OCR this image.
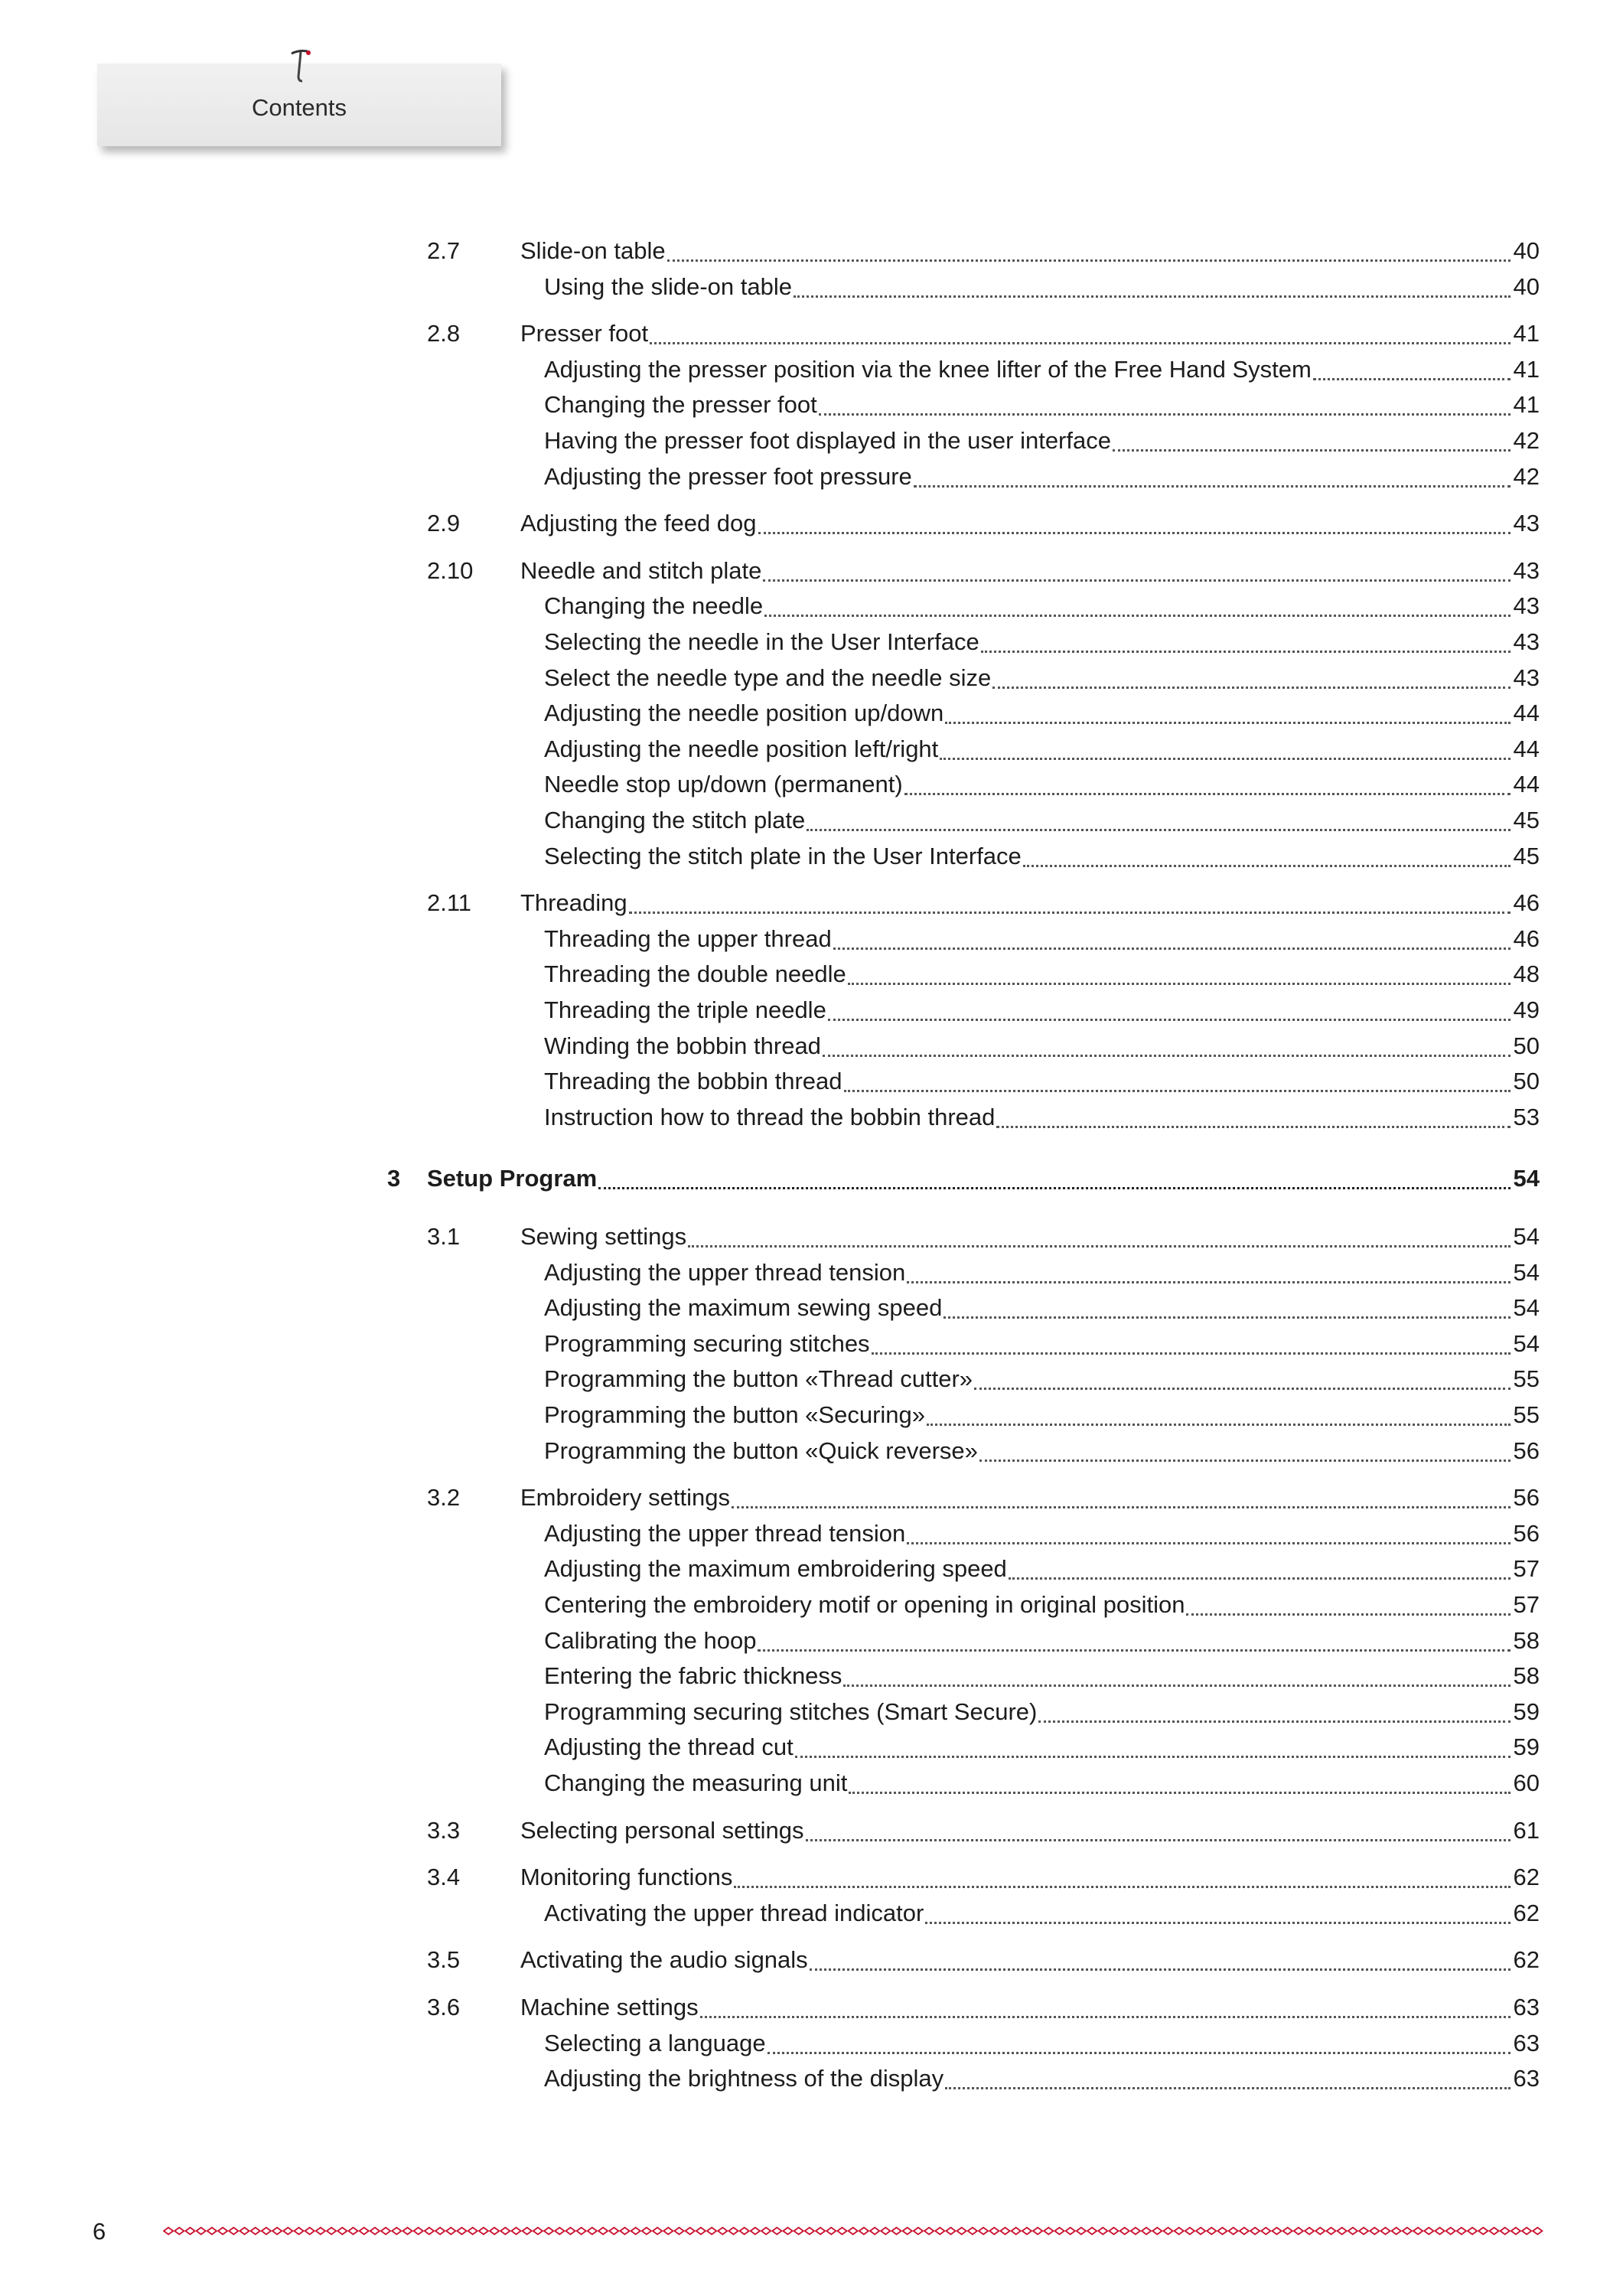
Contents
2.7	Slide-on table	40
Using the slide-on table	40
2.8	Presser foot	41
Adjusting the presser position via the knee lifter of the Free Hand System	41
Changing the presser foot	41
Having the presser foot displayed in the user interface	42
Adjusting the presser foot pressure	42
2.9	Adjusting the feed dog	43
2.10 Needle and stitch plate	43
Changing the needle	43
Selecting the needle in the User Interface	43
Select the needle type and the needle size	43
Adjusting the needle position up/down	44
Adjusting the needle position left/right	44
Needle stop up/down (permanent)	44
Changing the stitch plate	45
Selecting the stitch plate in the User Interface	45
2.11 Threading	46
Threading the upper thread	46
Threading the double needle	48
Threading the triple needle	49
Winding the bobbin thread	50
Threading the bobbin thread	50
Instruction how to thread the bobbin thread	53
3 Setup Program	54
3.1	Sewing settings	54
Adjusting the upper thread tension	54
Adjusting the maximum sewing speed	54
Programming securing stitches	54
Programming the button «Thread cutter»	55
Programming the button «Securing»	55
Programming the button «Quick reverse»	56
3.2	Embroidery settings	56
Adjusting the upper thread tension	56
Adjusting the maximum embroidering speed	57
Centering the embroidery motif or opening in original position	57
Calibrating the hoop	58
Entering the fabric thickness	58
Programming securing stitches (Smart Secure)	59
Adjusting the thread cut	59
Changing the measuring unit	60
3.3	Selecting personal settings	61
3.4	Monitoring functions	62
Activating the upper thread indicator	62
3.5	Activating the audio signals	62
3.6	Machine settings	63
Selecting a language	63
Adjusting the brightness of the display	63
6
